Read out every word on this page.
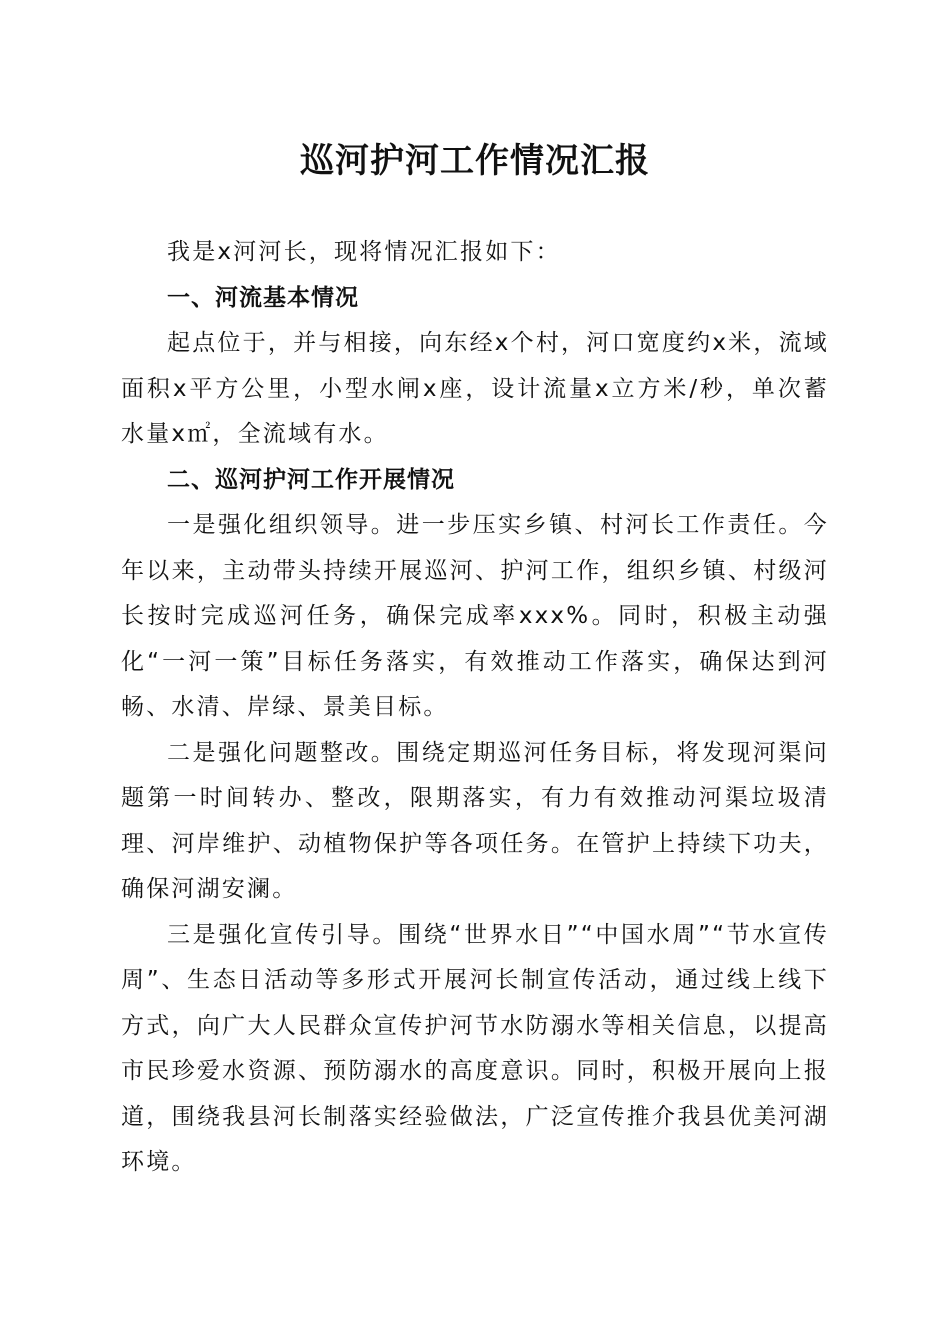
巡河护河工作情况汇报

我是x河河长，现将情况汇报如下：

一、河流基本情况

起点位于，并与相接，向东经x个村，河口宽度约x米，流域面积x平方公里，小型水闸x座，设计流量x立方米/秒，单次蓄水量x㎡，全流域有水。

二、巡河护河工作开展情况

一是强化组织领导。进一步压实乡镇、村河长工作责任。今年以来，主动带头持续开展巡河、护河工作，组织乡镇、村级河长按时完成巡河任务，确保完成率xxx%。同时，积极主动强化“一河一策”目标任务落实，有效推动工作落实，确保达到河畅、水清、岸绿、景美目标。

二是强化问题整改。围绕定期巡河任务目标，将发现河渠问题第一时间转办、整改，限期落实，有力有效推动河渠垃圾清理、河岸维护、动植物保护等各项任务。在管护上持续下功夫，确保河湖安澜。

三是强化宣传引导。围绕“世界水日”“中国水周”“节水宣传周”、生态日活动等多形式开展河长制宣传活动，通过线上线下方式，向广大人民群众宣传护河节水防溺水等相关信息，以提高市民珍爱水资源、预防溺水的高度意识。同时，积极开展向上报道，围绕我县河长制落实经验做法，广泛宣传推介我县优美河湖环境。
